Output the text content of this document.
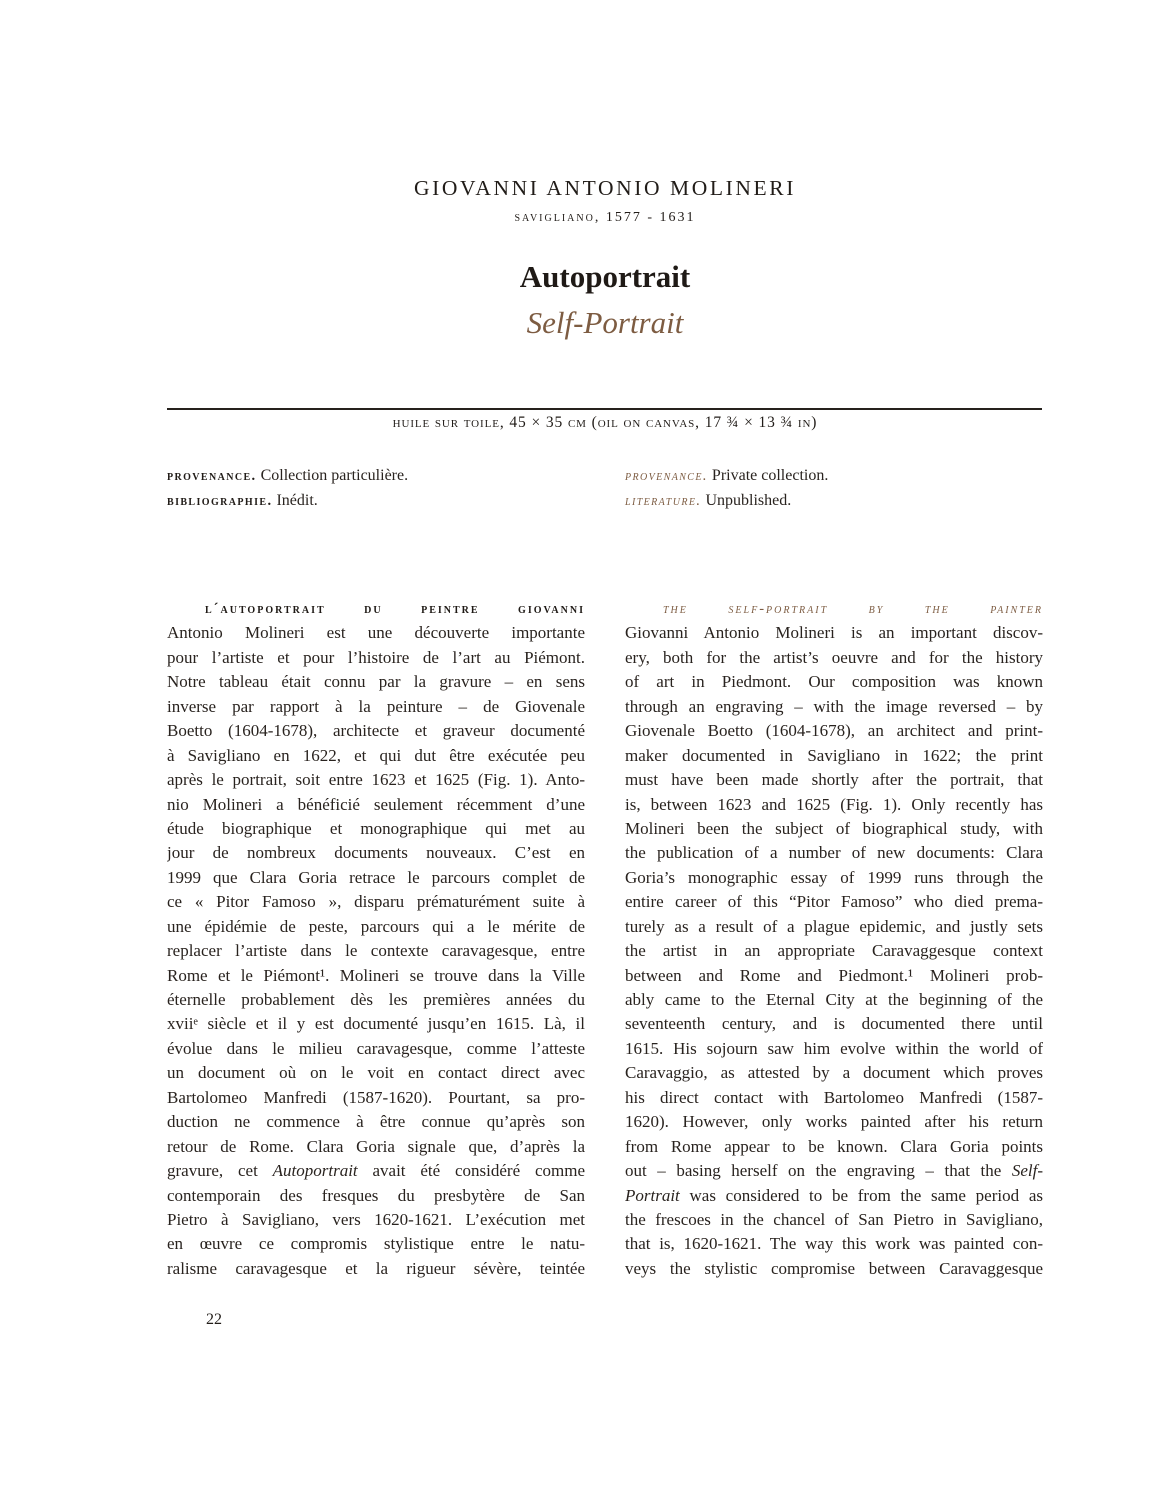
GIOVANNI ANTONIO MOLINERI
savigliano, 1577 - 1631
Autoportrait
Self-Portrait
huile sur toile, 45 × 35 cm (oil on canvas, 17 ¾ × 13 ¾ in)
provenance. Collection particulière.
bibliographie. Inédit.
provenance. Private collection.
literature. Unpublished.
l´autoportrait du peintre giovanni
Antonio Molineri est une découverte importante
pour l’artiste et pour l’histoire de l’art au Piémont.
Notre tableau était connu par la gravure – en sens
inverse par rapport à la peinture – de Giovenale
Boetto (1604-1678), architecte et graveur documenté
à Savigliano en 1622, et qui dut être exécutée peu
après le portrait, soit entre 1623 et 1625 (Fig. 1). Anto-
nio Molineri a bénéficié seulement récemment d’une
étude biographique et monographique qui met au
jour de nombreux documents nouveaux. C’est en
1999 que Clara Goria retrace le parcours complet de
ce « Pitor Famoso », disparu prématurément suite à
une épidémie de peste, parcours qui a le mérite de
replacer l’artiste dans le contexte caravagesque, entre
Rome et le Piémont¹. Molineri se trouve dans la Ville
éternelle probablement dès les premières années du
xviiᵉ siècle et il y est documenté jusqu’en 1615. Là, il
évolue dans le milieu caravagesque, comme l’atteste
un document où on le voit en contact direct avec
Bartolomeo Manfredi (1587-1620). Pourtant, sa pro-
duction ne commence à être connue qu’après son
retour de Rome. Clara Goria signale que, d’après la
gravure, cet Autoportrait avait été considéré comme
contemporain des fresques du presbytère de San
Pietro à Savigliano, vers 1620-1621. L’exécution met
en œuvre ce compromis stylistique entre le natu-
ralisme caravagesque et la rigueur sévère, teintée
the self-portrait by the painter
Giovanni Antonio Molineri is an important discov-
ery, both for the artist’s oeuvre and for the history
of art in Piedmont. Our composition was known
through an engraving – with the image reversed – by
Giovenale Boetto (1604-1678), an architect and print-
maker documented in Savigliano in 1622; the print
must have been made shortly after the portrait, that
is, between 1623 and 1625 (Fig. 1). Only recently has
Molineri been the subject of biographical study, with
the publication of a number of new documents: Clara
Goria’s monographic essay of 1999 runs through the
entire career of this “Pitor Famoso” who died prema-
turely as a result of a plague epidemic, and justly sets
the artist in an appropriate Caravaggesque context
between and Rome and Piedmont.¹ Molineri prob-
ably came to the Eternal City at the beginning of the
seventeenth century, and is documented there until
1615. His sojourn saw him evolve within the world of
Caravaggio, as attested by a document which proves
his direct contact with Bartolomeo Manfredi (1587-
1620). However, only works painted after his return
from Rome appear to be known. Clara Goria points
out – basing herself on the engraving – that the Self-
Portrait was considered to be from the same period as
the frescoes in the chancel of San Pietro in Savigliano,
that is, 1620-1621. The way this work was painted con-
veys the stylistic compromise between Caravaggesque
22
